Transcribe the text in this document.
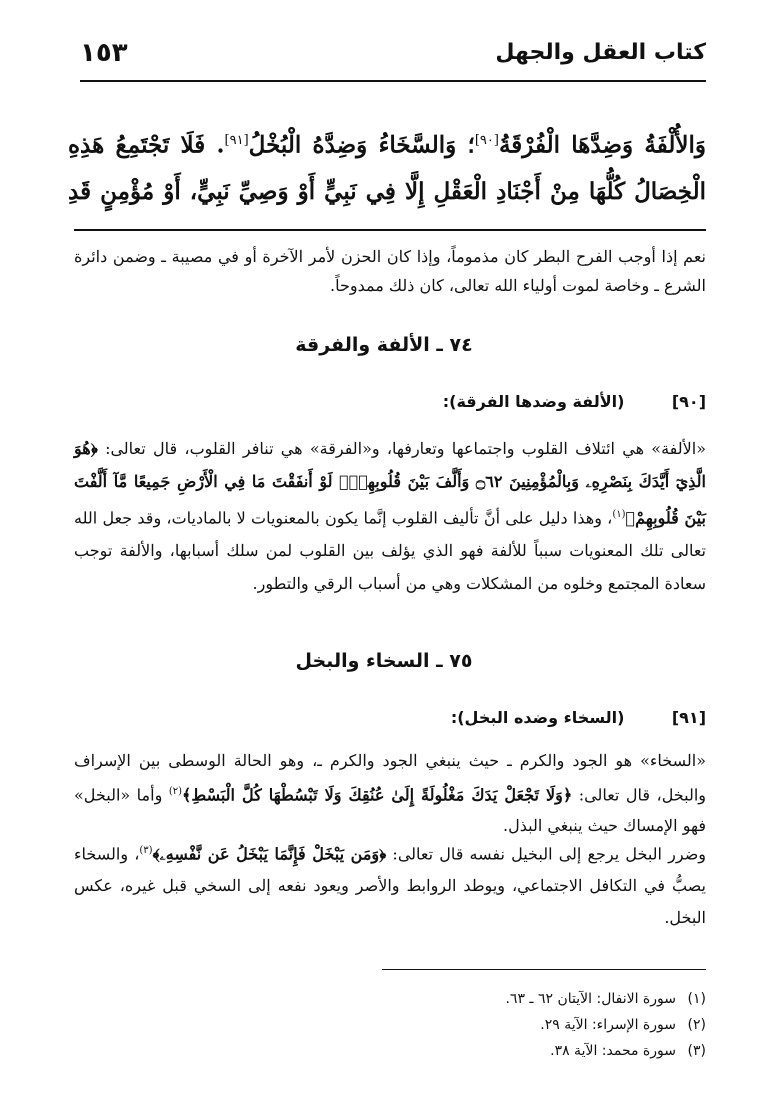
كتاب العقل والجهل
١٥٣
وَالأُلْفَةُ وَضِدَّهَا الْفُرْقَةُ[٩٠]؛ وَالسَّخَاءُ وَضِدَّهُ الْبُخْلُ[٩١]. فَلَا تَجْتَمِعُ هَذِهِ
الْخِصَالُ كُلُّهَا مِنْ أَجْنَادِ الْعَقْلِ إِلَّا فِي نَبِيٍّ أَوْ وَصِيِّ نَبِيٍّ، أَوْ مُؤْمِنٍ قَدِ
نعم إذا أوجب الفرح البطر كان مذموماً، وإذا كان الحزن لأمر الآخرة أو في مصيبة ـ وضمن دائرة الشرع ـ وخاصة لموت أولياء الله تعالى، كان ذلك ممدوحاً.
٧٤ ـ الألفة والفرقة
[٩٠] (الألفة وضدها الفرقة):
«الألفة» هي ائتلاف القلوب واجتماعها وتعارفها، و«الفرقة» هي تنافر القلوب، قال تعالى: ﴿هُوَ الَّذِيٓ أَيَّدَكَ بِنَصْرِهِۦ وَبِالْمُؤْمِنِينَ ۝٦٢ وَأَلَّفَ بَيْنَ قُلُوبِهِمْۚ لَوْ أَنفَقْتَ مَا فِي الْأَرْضِ جَمِيعًا مَّآ أَلَّفْتَ بَيْنَ قُلُوبِهِمْ﴾$^{(١)}$، وهذا دليل على أنَّ تأليف القلوب إنَّما يكون بالمعنويات لا بالماديات، وقد جعل الله تعالى تلك المعنويات سبباً للألفة فهو الذي يؤلف بين القلوب لمن سلك أسبابها، والألفة توجب سعادة المجتمع وخلوه من المشكلات وهي من أسباب الرقي والتطور.
٧٥ ـ السخاء والبخل
[٩١] (السخاء وضده البخل):
«السخاء» هو الجود والكرم ـ حيث ينبغي الجود والكرم ـ، وهو الحالة الوسطى بين الإسراف والبخل، قال تعالى: ﴿وَلَا تَجْعَلْ يَدَكَ مَغْلُولَةً إِلَىٰ عُنُقِكَ وَلَا تَبْسُطْهَا كُلَّ الْبَسْطِ﴾$^{(٢)}$ وأما «البخل» فهو الإمساك حيث ينبغي البذل.
وضرر البخل يرجع إلى البخيل نفسه قال تعالى: ﴿وَمَن يَبْخَلْ فَإِنَّمَا يَبْخَلُ عَن نَّفْسِهِۦ﴾$^{(٣)}$، والسخاء يصبُّ في التكافل الاجتماعي، ويوطد الروابط والأصر ويعود نفعه إلى السخي قبل غيره، عكس البخل.
(١)سورة الانفال: الآيتان ٦٢ ـ ٦٣.
(٢)سورة الإسراء: الآية ٢٩.
(٣)سورة محمد: الآية ٣٨.
